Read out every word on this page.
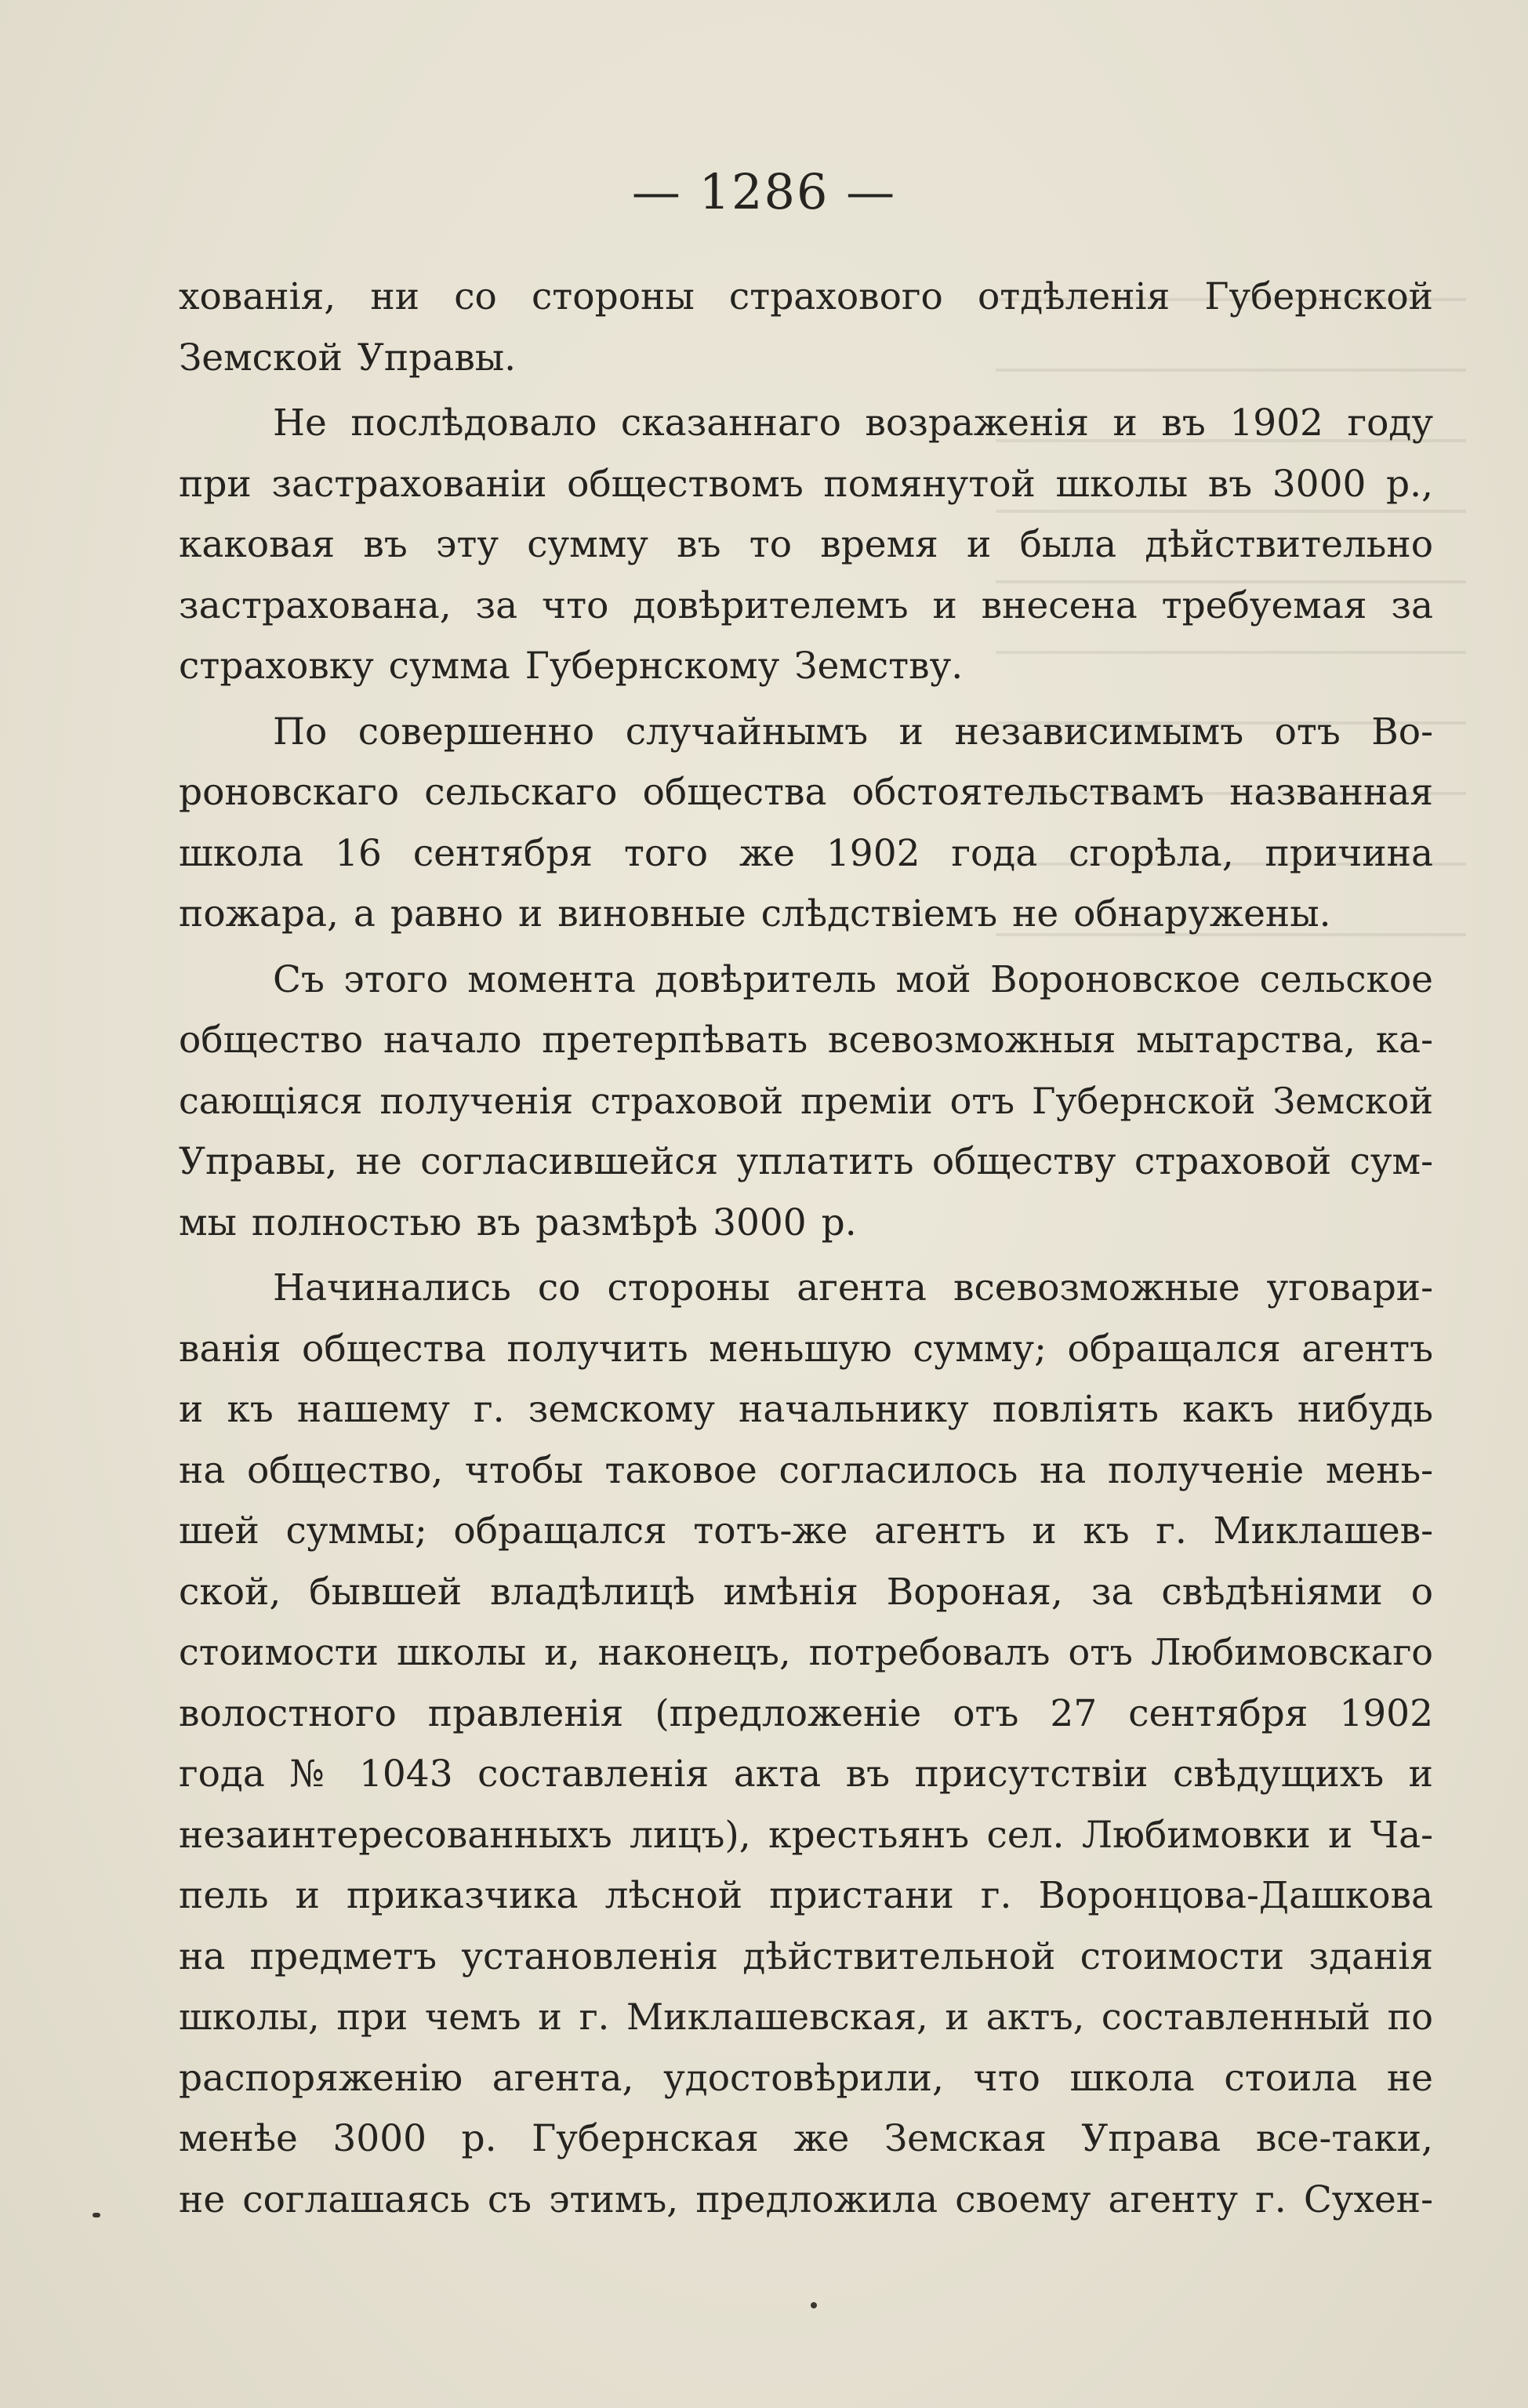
— 1286 —
хованія, ни со стороны страхового отдѣленія Губернской
Земской Управы.
Не послѣдовало сказаннаго возраженія и въ 1902 году
при застрахованіи обществомъ помянутой школы въ 3000 р.,
каковая въ эту сумму въ то время и была дѣйствительно
застрахована, за что довѣрителемъ и внесена требуемая за
страховку сумма Губернскому Земству.
По совершенно случайнымъ и независимымъ отъ Во-
роновскаго сельскаго общества обстоятельствамъ названная
школа 16 сентября того же 1902 года сгорѣла, причина
пожара, а равно и виновные слѣдствіемъ не обнаружены.
Съ этого момента довѣритель мой Вороновское сельское
общество начало претерпѣвать всевозможныя мытарства, ка-
сающіяся полученія страховой преміи отъ Губернской Земской
Управы, не согласившейся уплатить обществу страховой сум-
мы полностью въ размѣрѣ 3000 р.
Начинались со стороны агента всевозможные уговари-
ванія общества получить меньшую сумму; обращался агентъ
и къ нашему г. земскому начальнику повліять какъ нибудь
на общество, чтобы таковое согласилось на полученіе мень-
шей суммы; обращался тотъ-же агентъ и къ г. Миклашев-
ской, бывшей владѣлицѣ имѣнія Вороная, за свѣдѣніями о
стоимости школы и, наконецъ, потребовалъ отъ Любимовскаго
волостного правленія (предложеніе отъ 27 сентября 1902
года № 1043 составленія акта въ присутствіи свѣдущихъ и
незаинтересованныхъ лицъ), крестьянъ сел. Любимовки и Ча-
пель и приказчика лѣсной пристани г. Воронцова-Дашкова
на предметъ установленія дѣйствительной стоимости зданія
школы, при чемъ и г. Миклашевская, и актъ, составленный по
распоряженію агента, удостовѣрили, что школа стоила не
менѣе 3000 р. Губернская же Земская Управа все-таки,
не соглашаясь съ этимъ, предложила своему агенту г. Сухен-
